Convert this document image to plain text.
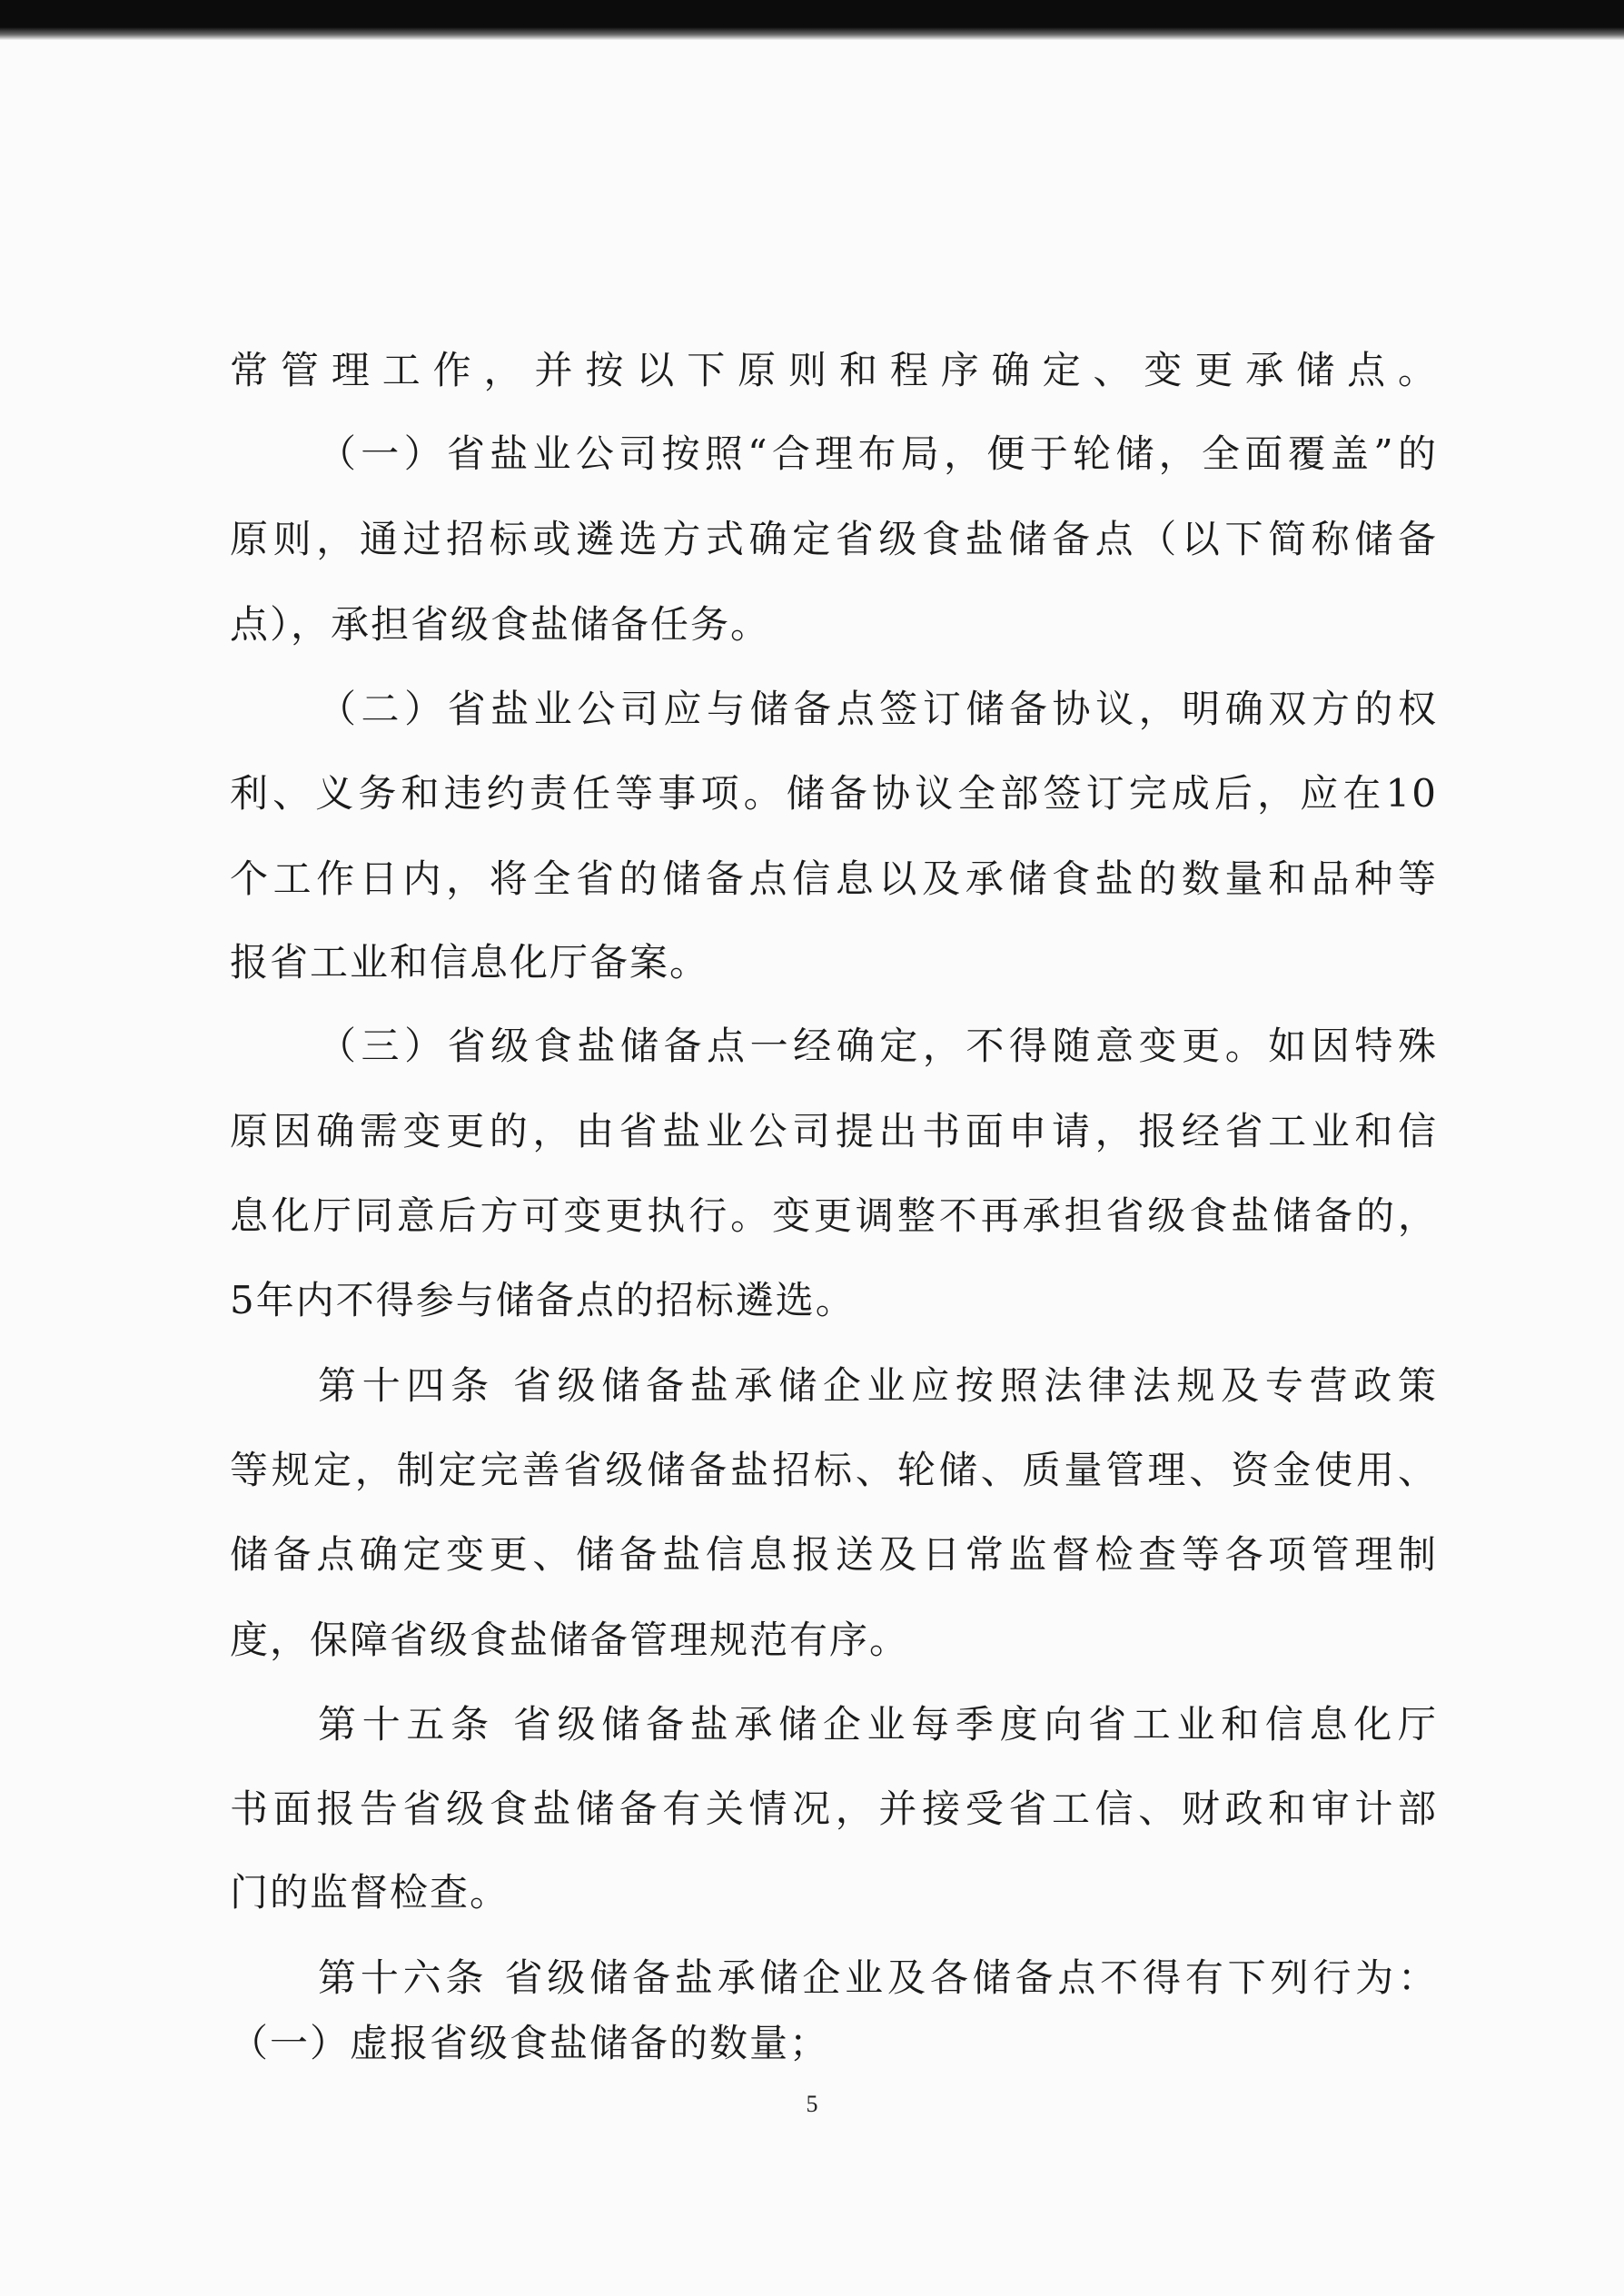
常管理工作，并按以下原则和程序确定、变更承储点。
（一）省盐业公司按照“合理布局，便于轮储，全面覆盖”的
原则，通过招标或遴选方式确定省级食盐储备点（以下简称储备
点），承担省级食盐储备任务。
（二）省盐业公司应与储备点签订储备协议，明确双方的权
利、义务和违约责任等事项。储备协议全部签订完成后，应在10
个工作日内，将全省的储备点信息以及承储食盐的数量和品种等
报省工业和信息化厅备案。
（三）省级食盐储备点一经确定，不得随意变更。如因特殊
原因确需变更的，由省盐业公司提出书面申请，报经省工业和信
息化厅同意后方可变更执行。变更调整不再承担省级食盐储备的，
5年内不得参与储备点的招标遴选。
第十四条 省级储备盐承储企业应按照法律法规及专营政策
等规定，制定完善省级储备盐招标、轮储、质量管理、资金使用、
储备点确定变更、储备盐信息报送及日常监督检查等各项管理制
度，保障省级食盐储备管理规范有序。
第十五条 省级储备盐承储企业每季度向省工业和信息化厅
书面报告省级食盐储备有关情况，并接受省工信、财政和审计部
门的监督检查。
第十六条 省级储备盐承储企业及各储备点不得有下列行为：
（一）虚报省级食盐储备的数量；
5
